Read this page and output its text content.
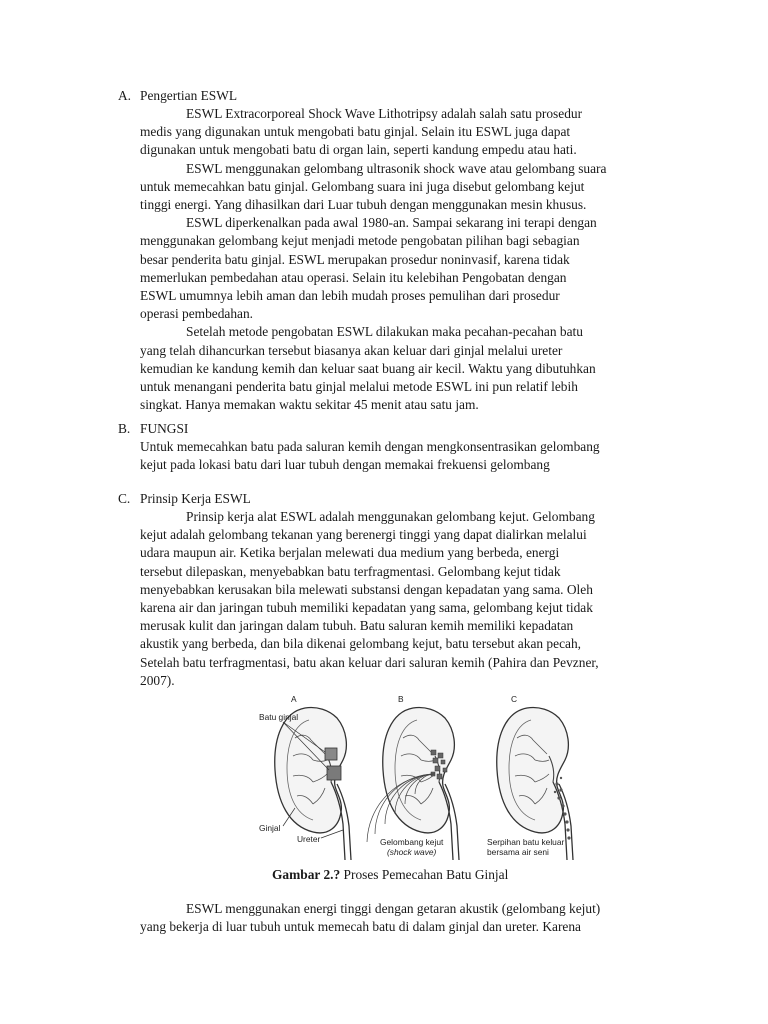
A. Pengertian ESWL
ESWL Extracorporeal Shock Wave Lithotripsy adalah salah satu prosedur
medis yang digunakan untuk mengobati batu ginjal. Selain itu ESWL juga dapat
digunakan untuk mengobati batu di organ lain, seperti kandung empedu atau hati.
ESWL menggunakan gelombang ultrasonik shock wave atau gelombang suara
untuk memecahkan batu ginjal. Gelombang suara ini juga disebut gelombang kejut
tinggi energi. Yang dihasilkan dari Luar tubuh dengan menggunakan mesin khusus.
ESWL diperkenalkan pada awal 1980-an. Sampai sekarang ini terapi dengan
menggunakan gelombang kejut menjadi metode pengobatan pilihan bagi sebagian
besar penderita batu ginjal. ESWL merupakan prosedur noninvasif, karena tidak
memerlukan pembedahan atau operasi. Selain itu kelebihan Pengobatan dengan
ESWL umumnya lebih aman dan lebih mudah proses pemulihan dari prosedur
operasi pembedahan.
Setelah metode pengobatan ESWL dilakukan maka pecahan-pecahan batu
yang telah dihancurkan tersebut biasanya akan keluar dari ginjal melalui ureter
kemudian ke kandung kemih dan keluar saat buang air kecil. Waktu yang dibutuhkan
untuk menangani penderita batu ginjal melalui metode ESWL ini pun relatif lebih
singkat. Hanya memakan waktu sekitar 45 menit atau satu jam.
B. FUNGSI
Untuk memecahkan batu pada saluran kemih dengan mengkonsentrasikan gelombang
kejut pada lokasi batu dari luar tubuh dengan memakai frekuensi gelombang
C. Prinsip Kerja ESWL
Prinsip kerja alat ESWL adalah menggunakan gelombang kejut. Gelombang
kejut adalah gelombang tekanan yang berenergi tinggi yang dapat dialirkan melalui
udara maupun air. Ketika berjalan melewati dua medium yang berbeda, energi
tersebut dilepaskan, menyebabkan batu terfragmentasi. Gelombang kejut tidak
menyebabkan kerusakan bila melewati substansi dengan kepadatan yang sama. Oleh
karena air dan jaringan tubuh memiliki kepadatan yang sama, gelombang kejut tidak
merusak kulit dan jaringan dalam tubuh. Batu saluran kemih memiliki kepadatan
akustik yang berbeda, dan bila dikenai gelombang kejut, batu tersebut akan pecah,
Setelah batu terfragmentasi, batu akan keluar dari saluran kemih (Pahira dan Pevzner,
2007).
A
Batu ginjal
Ginjal
Ureter
B
Gelombang kejut
(shock wave)
C
Serpihan batu keluar
bersama air seni
Gambar 2.? Proses Pemecahan Batu Ginjal
ESWL menggunakan energi tinggi dengan getaran akustik (gelombang kejut)
yang bekerja di luar tubuh untuk memecah batu di dalam ginjal dan ureter. Karena
